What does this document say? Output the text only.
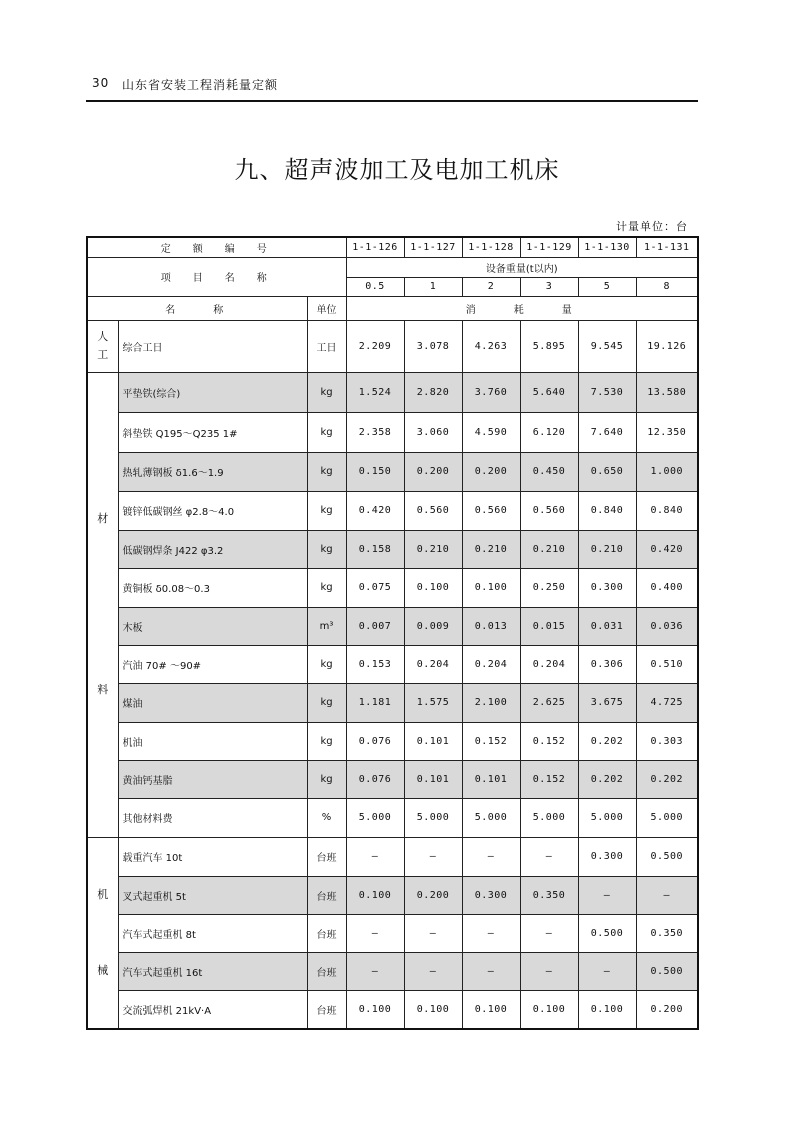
30 山东省安装工程消耗量定额
九、超声波加工及电加工机床
计量单位：台
定　额　编　号			1-1-126	1-1-127	1-1-128	1-1-129	1-1-130	1-1-131
项　目　名　称			设备重量(t以内)					
			0.5	1	2	3	5	8
名　　称		单位	消　　耗　　量					

人
工	综合工日	工日	2.209	3.078	4.263	5.895	9.545	19.126

材
料	平垫铁(综合)	kg	1.524	2.820	3.760	5.640	7.530	13.580
	斜垫铁 Q195～Q235 1#	kg	2.358	3.060	4.590	6.120	7.640	12.350
	热轧薄钢板 δ1.6～1.9	kg	0.150	0.200	0.200	0.450	0.650	1.000
	镀锌低碳钢丝 φ2.8～4.0	kg	0.420	0.560	0.560	0.560	0.840	0.840
	低碳钢焊条 J422 φ3.2	kg	0.158	0.210	0.210	0.210	0.210	0.420
	黄铜板 δ0.08～0.3	kg	0.075	0.100	0.100	0.250	0.300	0.400
	木板	m³	0.007	0.009	0.013	0.015	0.031	0.036
	汽油 70# ～90#	kg	0.153	0.204	0.204	0.204	0.306	0.510
	煤油	kg	1.181	1.575	2.100	2.625	3.675	4.725
	机油	kg	0.076	0.101	0.152	0.152	0.202	0.303
	黄油钙基脂	kg	0.076	0.101	0.101	0.152	0.202	0.202
	其他材料费	%	5.000	5.000	5.000	5.000	5.000	5.000

机
械	载重汽车 10t	台班	—	—	—	—	0.300	0.500
	叉式起重机 5t	台班	0.100	0.200	0.300	0.350	—	—
	汽车式起重机 8t	台班	—	—	—	—	0.500	0.350
	汽车式起重机 16t	台班	—	—	—	—	—	0.500
	交流弧焊机 21kV·A	台班	0.100	0.100	0.100	0.100	0.100	0.200
